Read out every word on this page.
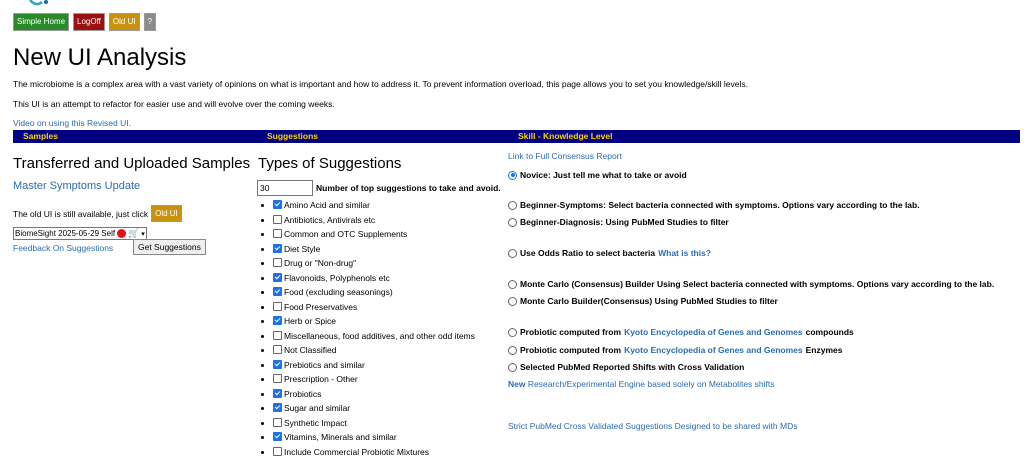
Simple Home	LogOff	Old UI	?
New UI Analysis
The microbiome is a complex area with a vast variety of opinions on what is important and how to address it. To prevent information overload, this page allows you to set you knowledge/skill levels.
This UI is an attempt to refactor for easier use and will evolve over the coming weeks.
Video on using this Revised UI.
Samples	Suggestions	Skill - Knowledge Level
Transferred and Uploaded Samples
Master Symptoms Update
The old UI is still available, just click Old UI
BiomeSight 2025-05-29 Self 🛒 ▾
Feedback On Suggestions	Get Suggestions
Types of Suggestions
30	Number of top suggestions to take and avoid.
• Amino Acid and similar
• Antibiotics, Antivirals etc
• Common and OTC Supplements
• Diet Style
• Drug or "Non-drug"
• Flavonoids, Polyphenols etc
• Food (excluding seasonings)
• Food Preservatives
• Herb or Spice
• Miscellaneous, food additives, and other odd items
• Not Classified
• Prebiotics and similar
• Prescription - Other
• Probiotics
• Sugar and similar
• Synthetic Impact
• Vitamins, Minerals and similar
• Include Commercial Probiotic Mixtures
Link to Full Consensus Report
Novice: Just tell me what to take or avoid
Beginner-Symptoms: Select bacteria connected with symptoms. Options vary according to the lab.
Beginner-Diagnosis: Using PubMed Studies to filter
Use Odds Ratio to select bacteria What is this?
Monte Carlo (Consensus) Builder Using Select bacteria connected with symptoms. Options vary according to the lab.
Monte Carlo Builder(Consensus) Using PubMed Studies to filter
Probiotic computed from Kyoto Encyclopedia of Genes and Genomes compounds
Probiotic computed from Kyoto Encyclopedia of Genes and Genomes Enzymes
Selected PubMed Reported Shifts with Cross Validation
New Research/Experimental Engine based solely on Metabolites shifts
Strict PubMed Cross Validated Suggestions Designed to be shared with MDs
